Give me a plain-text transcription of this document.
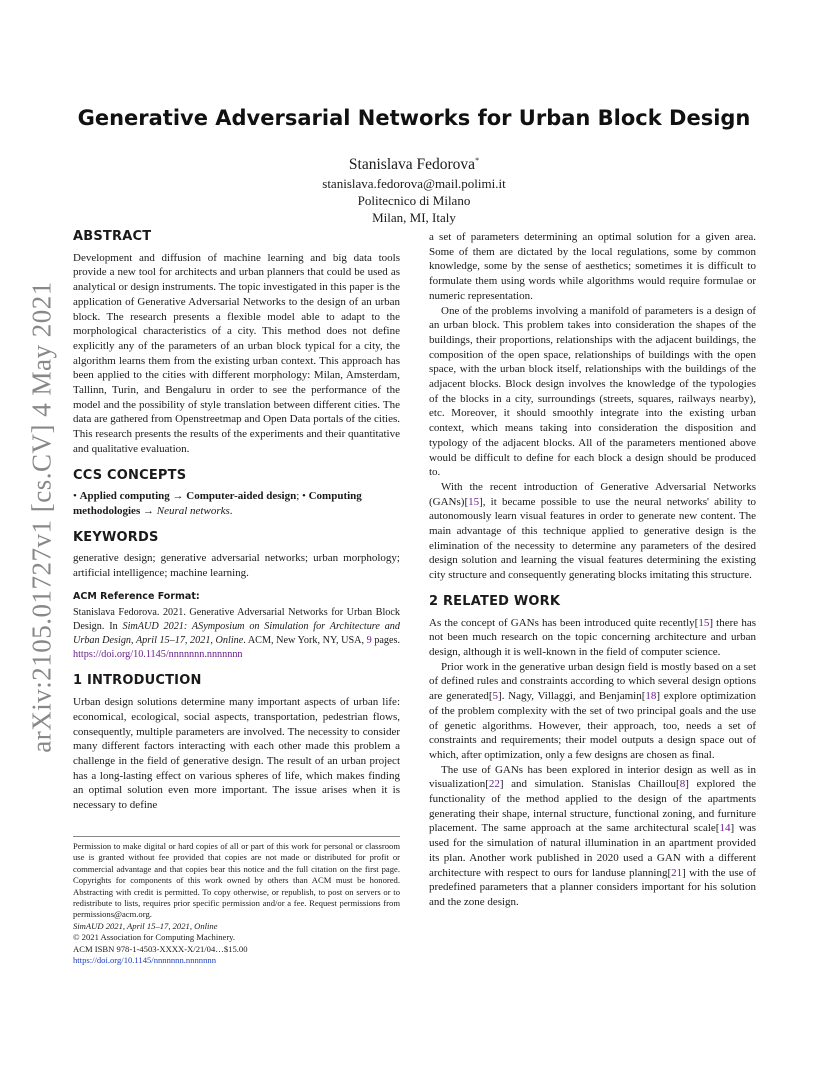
arXiv:2105.01727v1 [cs.CV] 4 May 2021
Generative Adversarial Networks for Urban Block Design
Stanislava Fedorova*
stanislava.fedorova@mail.polimi.it
Politecnico di Milano
Milan, MI, Italy
ABSTRACT

Development and diffusion of machine learning and big data tools provide a new tool for architects and urban planners that could be used as analytical or design instruments. The topic investigated in this paper is the application of Generative Adversarial Networks to the design of an urban block. The research presents a flexible model able to adapt to the morphological characteristics of a city. This method does not define explicitly any of the parameters of an urban block typical for a city, the algorithm learns them from the existing urban context. This approach has been applied to the cities with different morphology: Milan, Amsterdam, Tallinn, Turin, and Bengaluru in order to see the performance of the model and the possibility of style translation between different cities. The data are gathered from Openstreetmap and Open Data portals of the cities. This research presents the results of the experiments and their quantitative and qualitative evaluation.

CCS CONCEPTS

• Applied computing → Computer-aided design; • Computing methodologies → Neural networks.

KEYWORDS

generative design; generative adversarial networks; urban morphology; artificial intelligence; machine learning.

ACM Reference Format:

Stanislava Fedorova. 2021. Generative Adversarial Networks for Urban Block Design. In SimAUD 2021: ASymposium on Simulation for Architecture and Urban Design, April 15–17, 2021, Online. ACM, New York, NY, USA, 9 pages. https://doi.org/10.1145/nnnnnnn.nnnnnnn

1 INTRODUCTION

Urban design solutions determine many important aspects of urban life: economical, ecological, social aspects, transportation, pedestrian flows, consequently, multiple parameters are involved. The necessity to consider many different factors interacting with each other made this problem a challenge in the field of generative design. The result of an urban project has a long-lasting effect on various spheres of life, which makes finding an optimal solution even more important. The issue arises when it is necessary to define

Permission to make digital or hard copies of all or part of this work for personal or classroom use is granted without fee provided that copies are not made or distributed for profit or commercial advantage and that copies bear this notice and the full citation on the first page. Copyrights for components of this work owned by others than ACM must be honored. Abstracting with credit is permitted. To copy otherwise, or republish, to post on servers or to redistribute to lists, requires prior specific permission and/or a fee. Request permissions from permissions@acm.org.

SimAUD 2021, April 15–17, 2021, Online

© 2021 Association for Computing Machinery.

ACM ISBN 978-1-4503-XXXX-X/21/04…$15.00

https://doi.org/10.1145/nnnnnnn.nnnnnnn

a set of parameters determining an optimal solution for a given area. Some of them are dictated by the local regulations, some by common knowledge, some by the sense of aesthetics; sometimes it is difficult to formulate them using words while algorithms would require formulae or numeric representation.

One of the problems involving a manifold of parameters is a design of an urban block. This problem takes into consideration the shapes of the buildings, their proportions, relationships with the adjacent buildings, the composition of the open space, relationships of buildings with the open space, with the urban block itself, relationships with the buildings of the adjacent blocks. Block design involves the knowledge of the typologies of the blocks in a city, surroundings (streets, squares, railways nearby), etc. Moreover, it should smoothly integrate into the existing urban context, which means taking into consideration the disposition and typology of the adjacent blocks. All of the parameters mentioned above would be difficult to define for each block a design should be produced to.

With the recent introduction of Generative Adversarial Networks (GANs)[15], it became possible to use the neural networks' ability to autonomously learn visual features in order to generate new content. The main advantage of this technique applied to generative design is the elimination of the necessity to determine any parameters of the desired design solution and learning the visual features determining the existing city structure and consequently generating blocks imitating this structure.

2 RELATED WORK

As the concept of GANs has been introduced quite recently[15] there has not been much research on the topic concerning architecture and urban design, although it is well-known in the field of computer science.

Prior work in the generative urban design field is mostly based on a set of defined rules and constraints according to which several design options are generated[5]. Nagy, Villaggi, and Benjamin[18] explore optimization of the problem complexity with the set of two principal goals and the use of genetic algorithms. However, their approach, too, needs a set of constraints and requirements; their model outputs a design space out of which, after optimization, only a few designs are chosen as final.

The use of GANs has been explored in interior design as well as in visualization[22] and simulation. Stanislas Chaillou[8] explored the functionality of the method applied to the design of the apartments generating their shape, internal structure, functional zoning, and furniture placement. The same approach at the same architectural scale[14] was used for the simulation of natural illumination in an apartment provided its plan. Another work published in 2020 used a GAN with a different architecture with respect to ours for landuse planning[21] with the use of predefined parameters that a planner considers important for his solution and the zone design.
